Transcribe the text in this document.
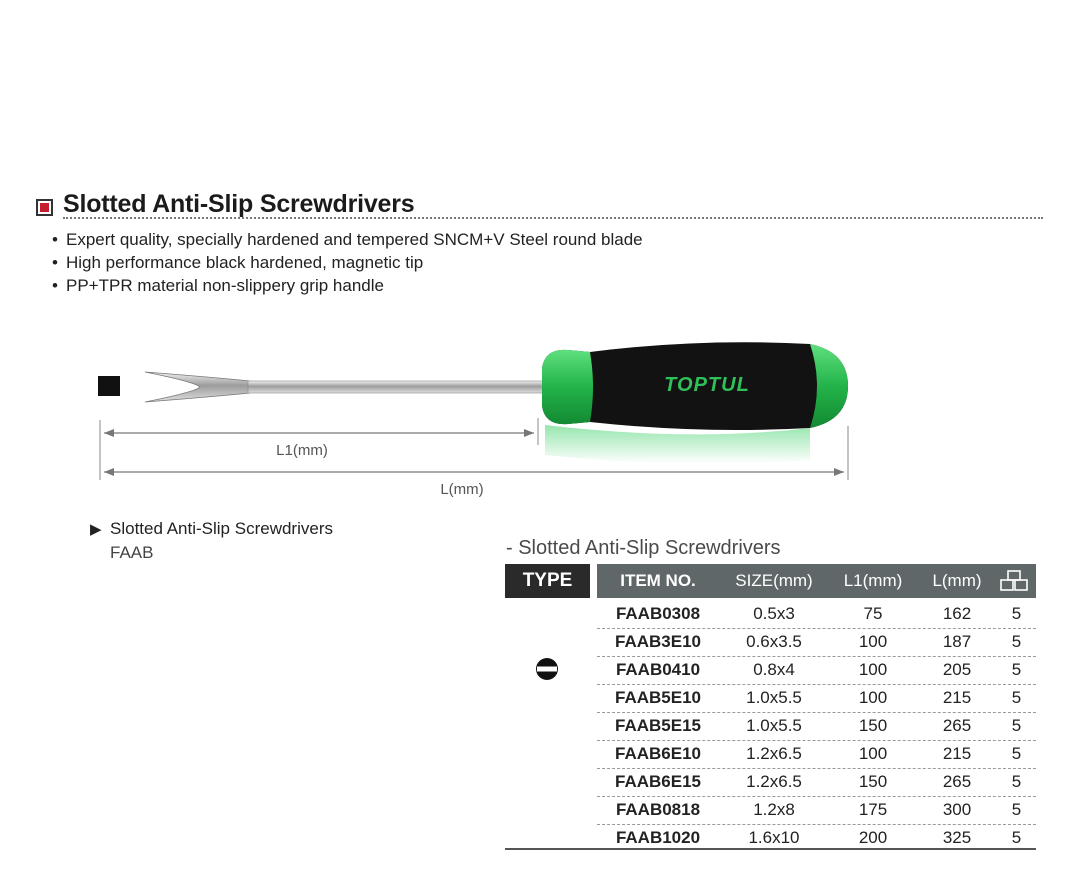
Slotted Anti-Slip Screwdrivers
• Expert quality, specially hardened and tempered SNCM+V Steel round blade
• High performance black hardened, magnetic tip
• PP+TPR material non-slippery grip handle
TOPTUL
L1(mm)
L(mm)
▶ Slotted Anti-Slip Screwdrivers
FAAB	- Slotted Anti-Slip Screwdrivers
TYPE	ITEM NO.	SIZE(mm)	L1(mm)	L(mm)
FAAB0308	0.5x3	75	162	5
FAAB3E10	0.6x3.5	100	187	5
FAAB0410	0.8x4	100	205	5
FAAB5E10	1.0x5.5	100	215	5
FAAB5E15	1.0x5.5	150	265	5
FAAB6E10	1.2x6.5	100	215	5
FAAB6E15	1.2x6.5	150	265	5
FAAB0818	1.2x8	175	300	5
FAAB1020	1.6x10	200	325	5
